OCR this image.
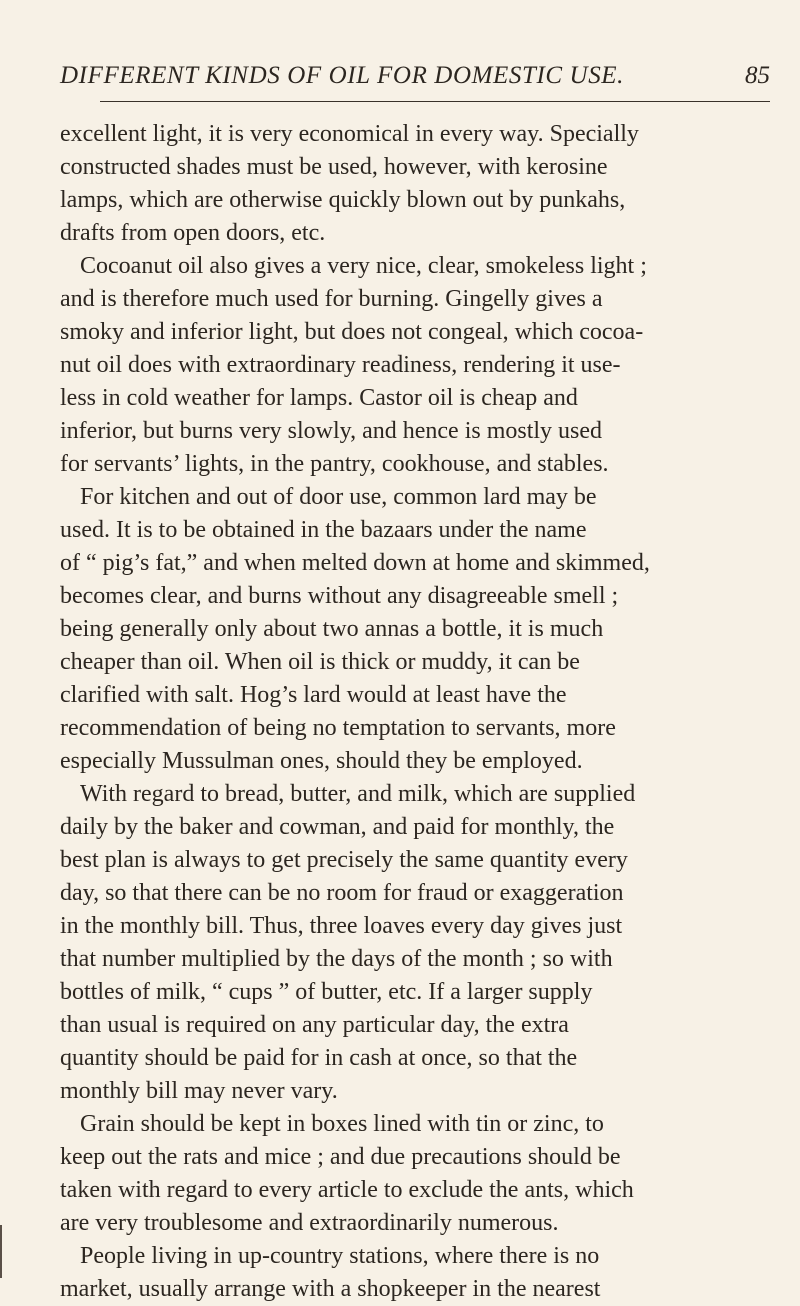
DIFFERENT KINDS OF OIL FOR DOMESTIC USE.	85
excellent light, it is very economical in every way. Specially
constructed shades must be used, however, with kerosine
lamps, which are otherwise quickly blown out by punkahs,
drafts from open doors, etc.
Cocoanut oil also gives a very nice, clear, smokeless light ;
and is therefore much used for burning. Gingelly gives a
smoky and inferior light, but does not congeal, which cocoa-
nut oil does with extraordinary readiness, rendering it use-
less in cold weather for lamps. Castor oil is cheap and
inferior, but burns very slowly, and hence is mostly used
for servants’ lights, in the pantry, cookhouse, and stables.
For kitchen and out of door use, common lard may be
used. It is to be obtained in the bazaars under the name
of “ pig’s fat,” and when melted down at home and skimmed,
becomes clear, and burns without any disagreeable smell ;
being generally only about two annas a bottle, it is much
cheaper than oil. When oil is thick or muddy, it can be
clarified with salt. Hog’s lard would at least have the
recommendation of being no temptation to servants, more
especially Mussulman ones, should they be employed.
With regard to bread, butter, and milk, which are supplied
daily by the baker and cowman, and paid for monthly, the
best plan is always to get precisely the same quantity every
day, so that there can be no room for fraud or exaggeration
in the monthly bill. Thus, three loaves every day gives just
that number multiplied by the days of the month ; so with
bottles of milk, “ cups ” of butter, etc. If a larger supply
than usual is required on any particular day, the extra
quantity should be paid for in cash at once, so that the
monthly bill may never vary.
Grain should be kept in boxes lined with tin or zinc, to
keep out the rats and mice ; and due precautions should be
taken with regard to every article to exclude the ants, which
are very troublesome and extraordinarily numerous.
People living in up-country stations, where there is no
market, usually arrange with a shopkeeper in the nearest
